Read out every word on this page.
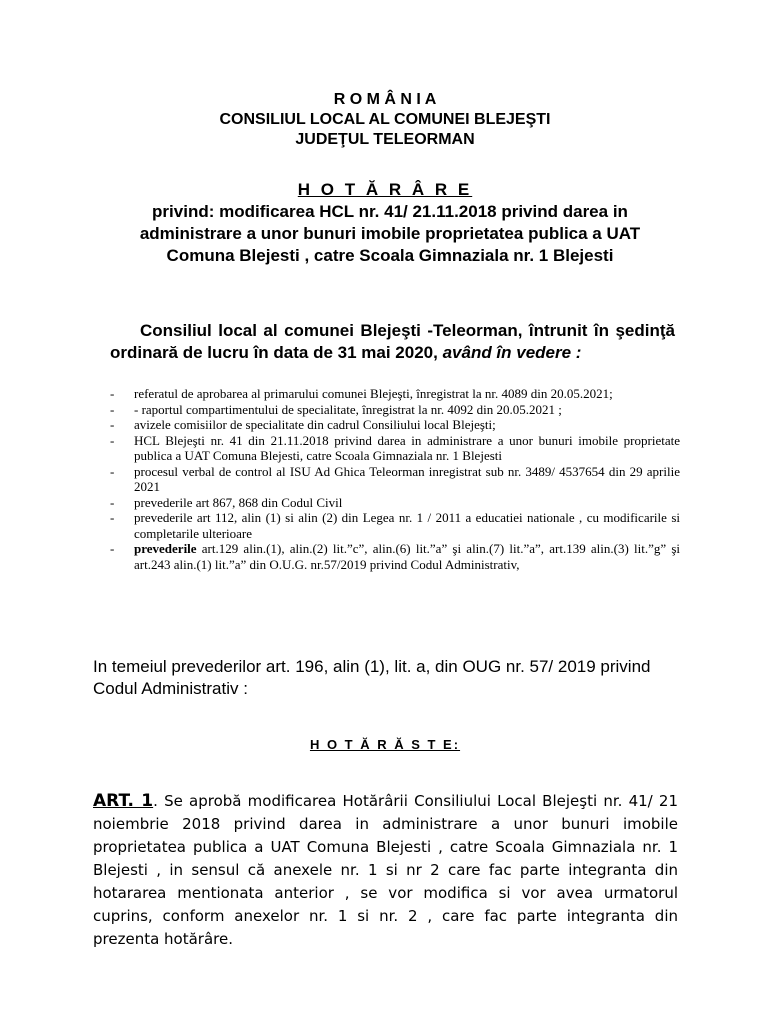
R O M Â N I A
CONSILIUL LOCAL AL COMUNEI BLEJEŞTI
JUDEŢUL TELEORMAN
H O T Ă R Â R E
privind: modificarea HCL nr. 41/ 21.11.2018 privind darea in administrare a unor bunuri imobile proprietatea publica a UAT Comuna Blejesti , catre Scoala Gimnaziala nr. 1 Blejesti
Consiliul local al comunei Blejeşti -Teleorman, întrunit în şedinţă ordinară de lucru în data de 31 mai 2020, având în vedere :
- referatul de aprobarea al primarului comunei Blejeşti, înregistrat la nr. 4089 din 20.05.2021;
- - raportul compartimentului de specialitate, înregistrat la nr. 4092 din 20.05.2021 ;
- avizele comisiilor de specialitate din cadrul Consiliului local Blejeşti;
- HCL Blejeşti nr. 41 din 21.11.2018 privind darea in administrare a unor bunuri imobile proprietate publica a UAT Comuna Blejesti, catre Scoala Gimnaziala nr. 1 Blejesti
- procesul verbal de control al ISU Ad Ghica Teleorman inregistrat sub nr. 3489/ 4537654 din 29 aprilie 2021
- prevederile art 867, 868 din Codul Civil
- prevederile art 112, alin (1) si alin (2) din Legea nr. 1 / 2011 a educatiei nationale , cu modificarile si completarile ulterioare
- prevederile art.129 alin.(1), alin.(2) lit.”c”, alin.(6) lit.”a” şi alin.(7) lit.”a”, art.139 alin.(3) lit.”g” şi art.243 alin.(1) lit.”a” din O.U.G. nr.57/2019 privind Codul Administrativ,
In temeiul prevederilor art. 196, alin (1), lit. a, din OUG nr. 57/ 2019 privind Codul Administrativ :
H O T Ă R Ă S T E:
ART. 1. Se aprobă modificarea Hotărârii Consiliului Local Blejeşti nr. 41/ 21 noiembrie 2018 privind darea in administrare a unor bunuri imobile proprietatea publica a UAT Comuna Blejesti , catre Scoala Gimnaziala nr. 1 Blejesti , in sensul că anexele nr. 1 si nr 2 care fac parte integranta din hotararea mentionata anterior , se vor modifica si vor avea urmatorul cuprins, conform anexelor nr. 1 si nr. 2 , care fac parte integranta din prezenta hotărâre.
